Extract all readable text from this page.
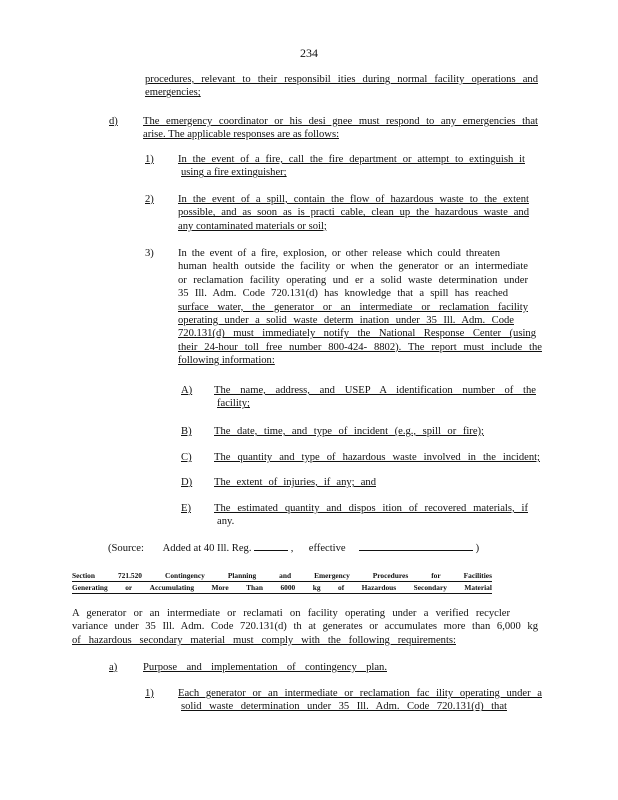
234
procedures, relevant to their responsibil ities during normal facility operations and
emergencies;
d) The emergency coordinator or his desi gnee must respond to any emergencies that
arise. The applicable responses are as follows:
1) In the event of a fire, call the fire department or attempt to extinguish it
using a fire extinguisher;
2) In the event of a spill, contain the flow of hazardous waste to the extent
possible, and as soon as is practi cable, clean up the hazardous waste and
any contaminated materials or soil;
3) In the event of a fire, explosion, or other release which could threaten
human health outside the facility or when the generator or an intermediate
or reclamation facility operating und er a solid waste determination under
35 Ill. Adm. Code 720.131(d) has knowledge that a spill has reached
surface water, the generator or an intermediate or reclamation facility
operating under a solid waste determ ination under 35 Ill. Adm. Code
720.131(d) must immediately notify the National Response Center (using
their 24-hour toll free number 800-424- 8802). The report must include the
following information:
A) The name, address, and USEP A identification number of the
facility;
B) The date, time, and type of incident (e.g., spill or fire);
C) The quantity and type of hazardous waste involved in the incident;
D) The extent of injuries, if any; and
E) The estimated quantity and dispos ition of recovered materials, if
any.
(Source: Added at 40 Ill. Reg.	, effective	)
Section	721.520	Contingency	Planning	and	Emergency	Procedures	for	Facilities
Generating or Accumulating More Than 6000 kg of Hazardous Secondary Material
A generator or an intermediate or reclamati on facility operating under a verified recycler
variance under 35 Ill. Adm. Code 720.131(d) th at generates or accumulates more than 6,000 kg
of hazardous secondary material must comply with the following requirements:
a) Purpose and implementation of contingency plan.
1) Each generator or an intermediate or reclamation fac ility operating under a
solid waste determination under 35 Ill. Adm. Code 720.131(d) that
